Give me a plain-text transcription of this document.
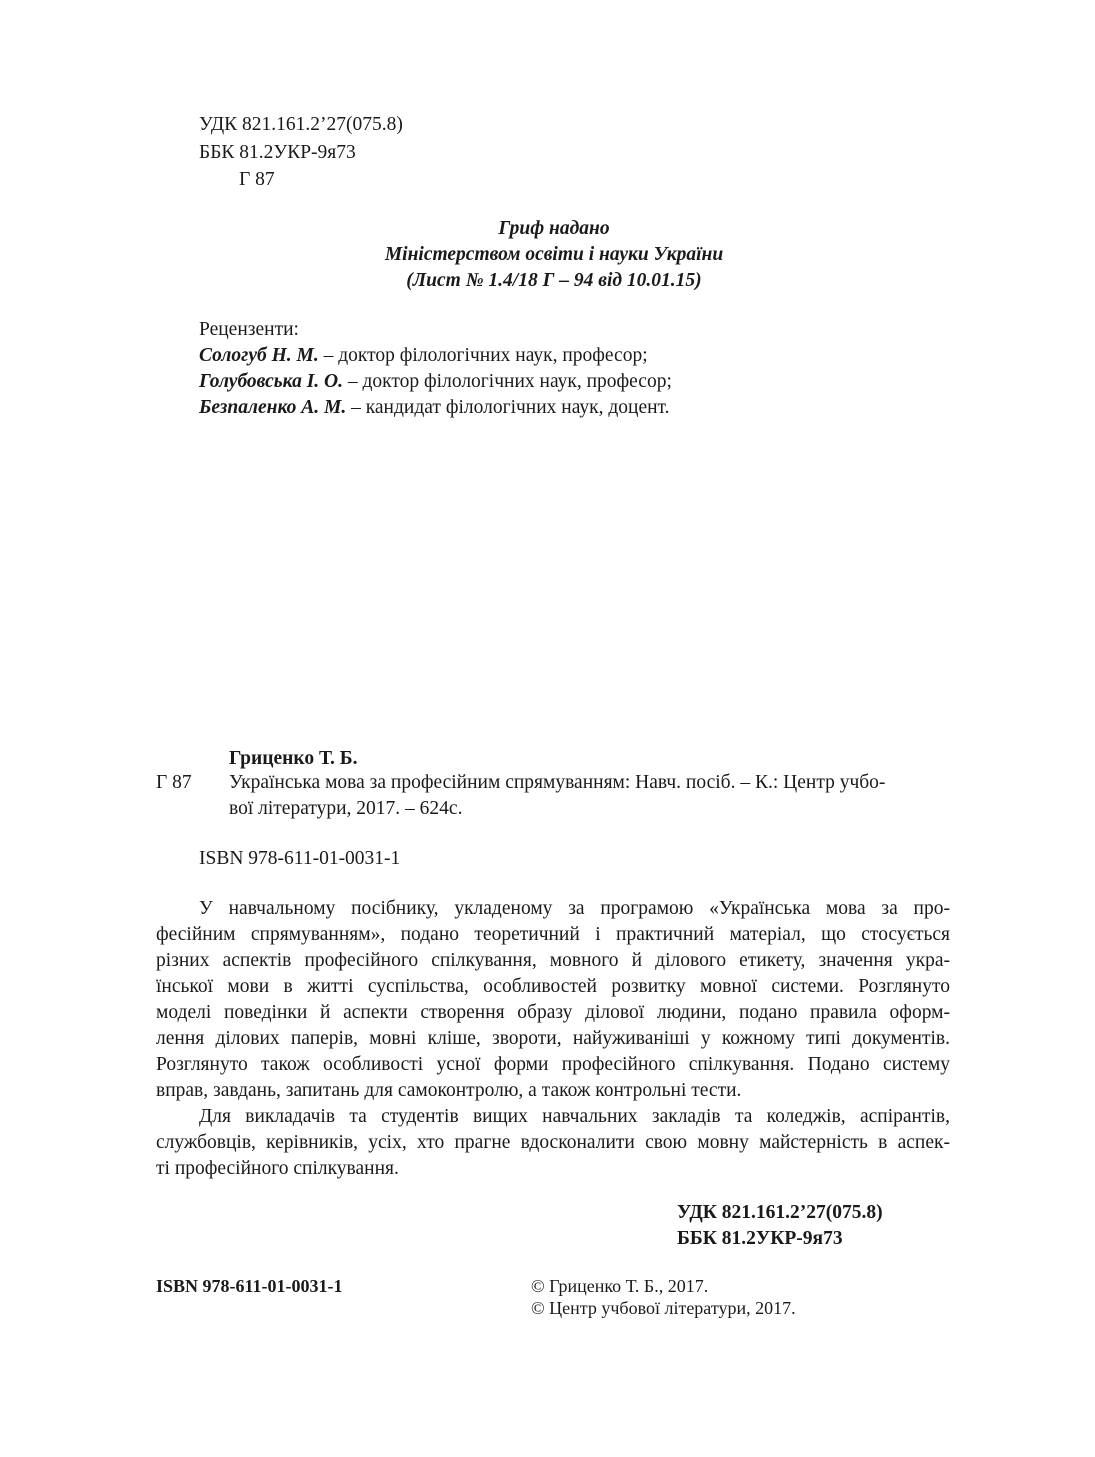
УДК 821.161.2’27(075.8)
ББК 81.2УКР-9я73
Г 87
Гриф надано
Міністерством освіти і науки України
(Лист № 1.4/18 Г – 94 від 10.01.15)
Рецензенти:
Сологуб Н. М. – доктор філологічних наук, професор;
Голубовська І. О. – доктор філологічних наук, професор;
Безпаленко А. М. – кандидат філологічних наук, доцент.
Гриценко Т. Б.
Г 87 Українська мова за професійним спрямуванням: Навч. посіб. – К.: Центр учбо-
вої літератури, 2017. – 624с.
ISBN 978-611-01-0031-1
У навчальному посібнику, укладеному за програмою «Українська мова за про-
фесійним спрямуванням», подано теоретичний і практичний матеріал, що стосується
різних аспектів професійного спілкування, мовного й ділового етикету, значення укра-
їнської мови в житті суспільства, особливостей розвитку мовної системи. Розглянуто
моделі поведінки й аспекти створення образу ділової людини, подано правила оформ-
лення ділових паперів, мовні кліше, звороти, найуживаніші у кожному типі документів.
Розглянуто також особливості усної форми професійного спілкування. Подано систему
вправ, завдань, запитань для самоконтролю, а також контрольні тести.
Для викладачів та студентів вищих навчальних закладів та коледжів, аспірантів,
службовців, керівників, усіх, хто прагне вдосконалити свою мовну майстерність в аспек-
ті професійного спілкування.
УДК 821.161.2’27(075.8)
ББК 81.2УКР-9я73
ISBN 978-611-01-0031-1	© Гриценко Т. Б., 2017.
© Центр учбової літератури, 2017.
